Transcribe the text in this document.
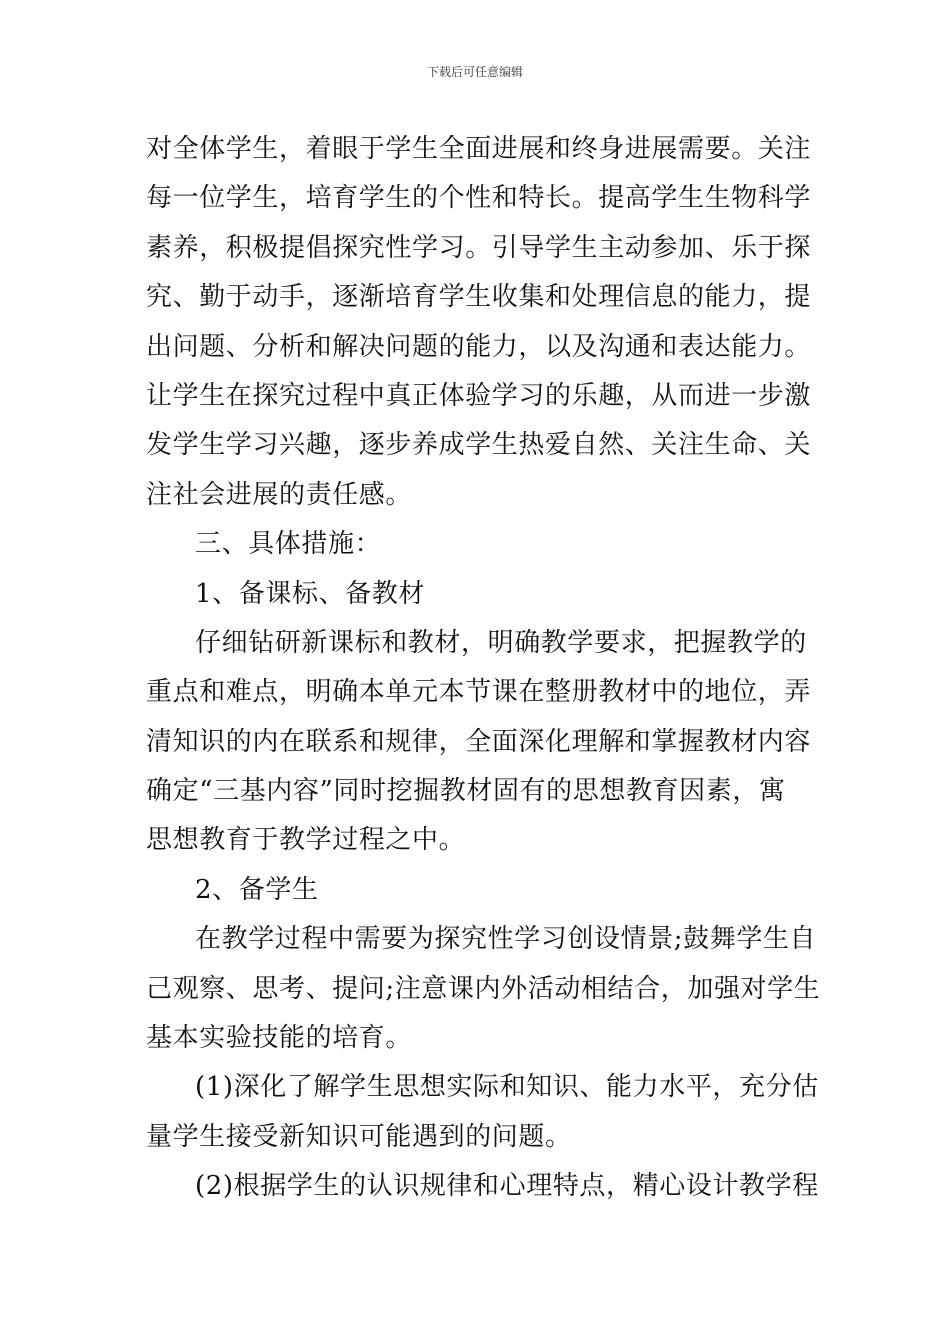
下载后可任意编辑
对全体学生，着眼于学生全面进展和终身进展需要。关注
每一位学生，培育学生的个性和特长。提高学生生物科学
素养，积极提倡探究性学习。引导学生主动参加、乐于探
究、勤于动手，逐渐培育学生收集和处理信息的能力，提
出问题、分析和解决问题的能力，以及沟通和表达能力。
让学生在探究过程中真正体验学习的乐趣，从而进一步激
发学生学习兴趣，逐步养成学生热爱自然、关注生命、关
注社会进展的责任感。
三、具体措施：
1、备课标、备教材
仔细钻研新课标和教材，明确教学要求，把握教学的
重点和难点，明确本单元本节课在整册教材中的地位，弄
清知识的内在联系和规律，全面深化理解和掌握教材内容
确定“三基内容”同时挖掘教材固有的思想教育因素，寓
思想教育于教学过程之中。
2、备学生
在教学过程中需要为探究性学习创设情景;鼓舞学生自
己观察、思考、提问;注意课内外活动相结合，加强对学生
基本实验技能的培育。
(1)深化了解学生思想实际和知识、能力水平，充分估
量学生接受新知识可能遇到的问题。
(2)根据学生的认识规律和心理特点，精心设计教学程
